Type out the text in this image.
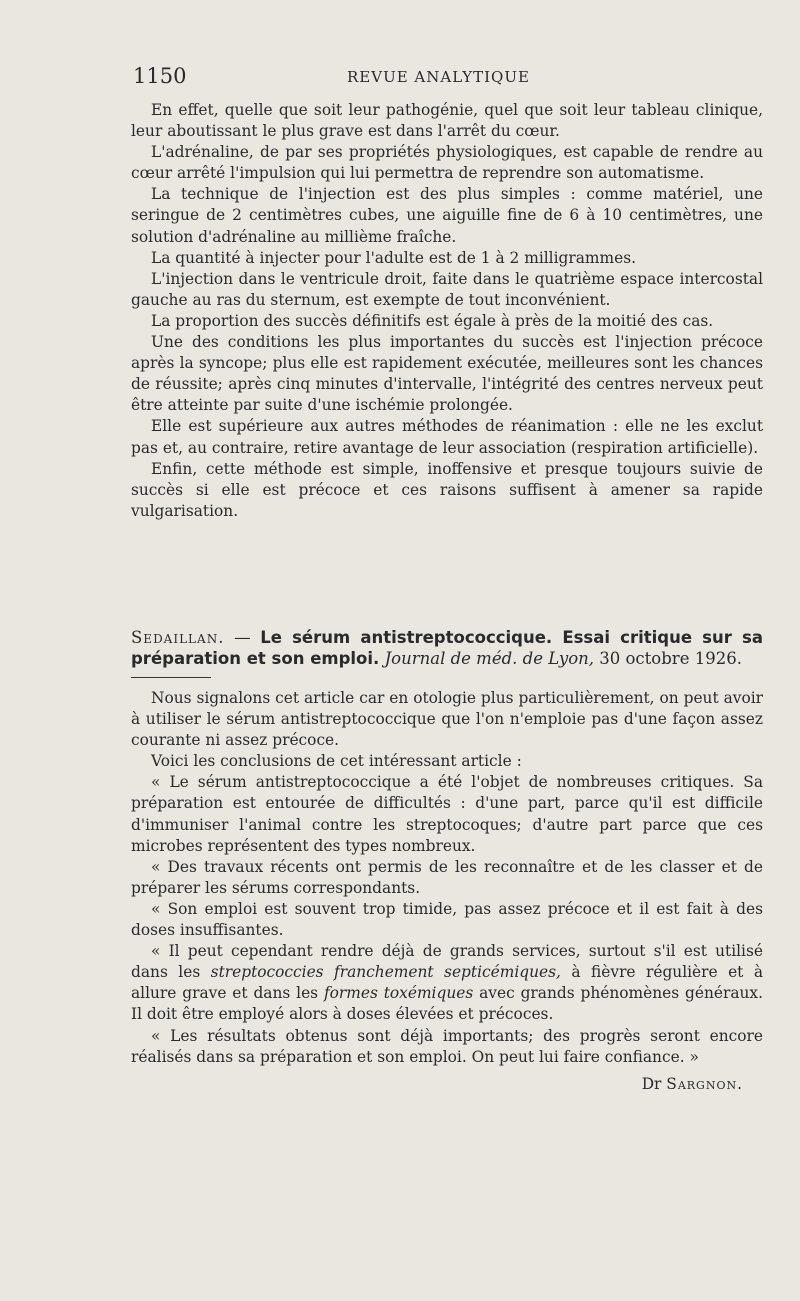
1150	REVUE ANALYTIQUE

En effet, quelle que soit leur pathogénie, quel que soit leur tableau clinique, leur aboutissant le plus grave est dans l'arrêt du cœur.

L'adrénaline, de par ses propriétés physiologiques, est capable de rendre au cœur arrêté l'impulsion qui lui permettra de reprendre son automatisme.

La technique de l'injection est des plus simples : comme matériel, une seringue de 2 centimètres cubes, une aiguille fine de 6 à 10 centimètres, une solution d'adrénaline au millième fraîche.

La quantité à injecter pour l'adulte est de 1 à 2 milligrammes.

L'injection dans le ventricule droit, faite dans le quatrième espace intercostal gauche au ras du sternum, est exempte de tout inconvénient.

La proportion des succès définitifs est égale à près de la moitié des cas.

Une des conditions les plus importantes du succès est l'injection précoce après la syncope; plus elle est rapidement exécutée, meilleures sont les chances de réussite; après cinq minutes d'intervalle, l'intégrité des centres nerveux peut être atteinte par suite d'une ischémie prolongée.

Elle est supérieure aux autres méthodes de réanimation : elle ne les exclut pas et, au contraire, retire avantage de leur association (respiration artificielle).

Enfin, cette méthode est simple, inoffensive et presque toujours suivie de succès si elle est précoce et ces raisons suffisent à amener sa rapide vulgarisation.

Sedaillan. — Le sérum antistreptococcique. Essai critique sur sa préparation et son emploi. Journal de méd. de Lyon, 30 octobre 1926.

Nous signalons cet article car en otologie plus particulièrement, on peut avoir à utiliser le sérum antistreptococcique que l'on n'emploie pas d'une façon assez courante ni assez précoce.

Voici les conclusions de cet intéressant article :

« Le sérum antistreptococcique a été l'objet de nombreuses critiques. Sa préparation est entourée de difficultés : d'une part, parce qu'il est difficile d'immuniser l'animal contre les streptocoques; d'autre part parce que ces microbes représentent des types nombreux.

« Des travaux récents ont permis de les reconnaître et de les classer et de préparer les sérums correspondants.

« Son emploi est souvent trop timide, pas assez précoce et il est fait à des doses insuffisantes.

« Il peut cependant rendre déjà de grands services, surtout s'il est utilisé dans les streptococcies franchement septicémiques, à fièvre régulière et à allure grave et dans les formes toxémiques avec grands phénomènes généraux. Il doit être employé alors à doses élevées et précoces.

« Les résultats obtenus sont déjà importants; des progrès seront encore réalisés dans sa préparation et son emploi. On peut lui faire confiance. »

Dr Sargnon.
